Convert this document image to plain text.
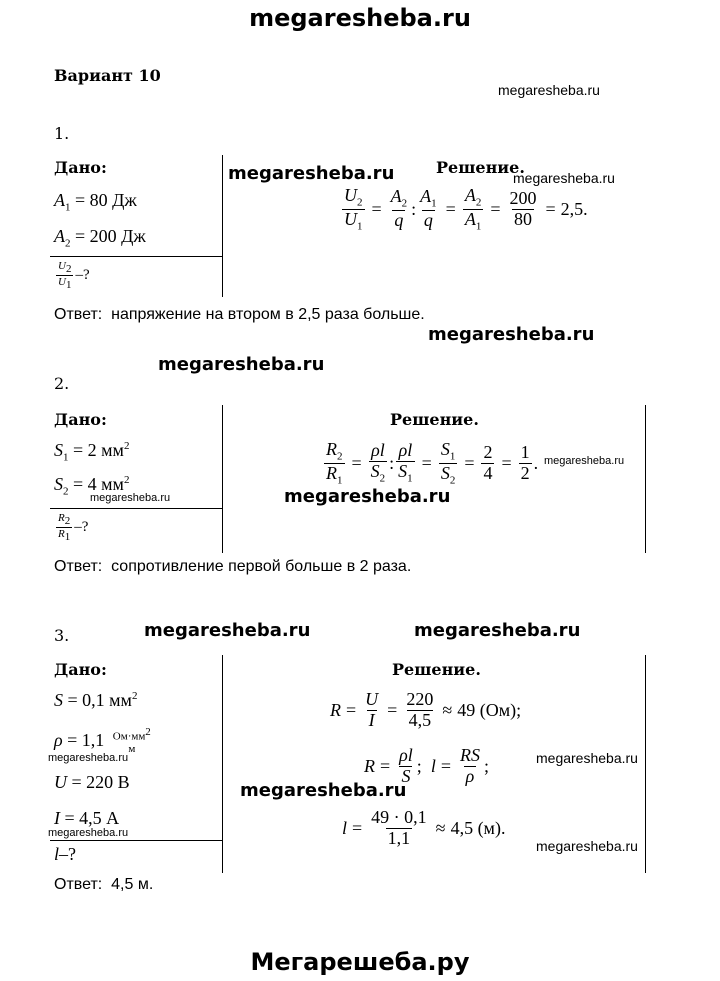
megaresheba.ru
Мегарешеба.ру
Вариант 10
megaresheba.ru
1.
Дано:	megaresheba.ru	Решение.
megaresheba.ru
$A_1 = 80$ Дж
$A_2 = 200$ Дж
$\frac{U_2}{U_1}$ –?
$\frac{U_2}{U_1} = \frac{A_2}{q}$ : $\frac{A_1}{q} = \frac{A_2}{A_1} = \frac{200}{80} = 2,5$.
Ответ: напряжение на втором в 2,5 раза больше.
megaresheba.ru
megaresheba.ru
2.
Дано:	Решение.
$S_1 = 2$ $мм^2$
$S_2 = 4$ $мм^2$
megaresheba.ru
$\frac{R_2}{R_1}$ –?
$\frac{R_2}{R_1} = \frac{\rho l}{S_2}$ : $\frac{\rho l}{S_1} = \frac{S_1}{S_2} = \frac{2}{4} = \frac{1}{2}$ . megaresheba.ru
megaresheba.ru
Ответ: сопротивление первой больше в 2 раза.
3.	megaresheba.ru	megaresheba.ru
Дано:	Решение.
S = 0,1 $мм^2$
ρ = 1,1 $Ом\cdot мм^2$
м
megaresheba.ru
U = 220 В
I = 4,5 А
megaresheba.ru
l–?
$R = \frac{U}{I} = \frac{220}{4,5} \approx 49$ (Ом);
$R = \frac{\rho l}{S}$ ; $l = \frac{RS}{\rho}$ ;	megaresheba.ru
megaresheba.ru
$l = \frac{49 \cdot 0,1}{1,1} \approx 4,5$ (м).
megaresheba.ru
Ответ: 4,5 м.
